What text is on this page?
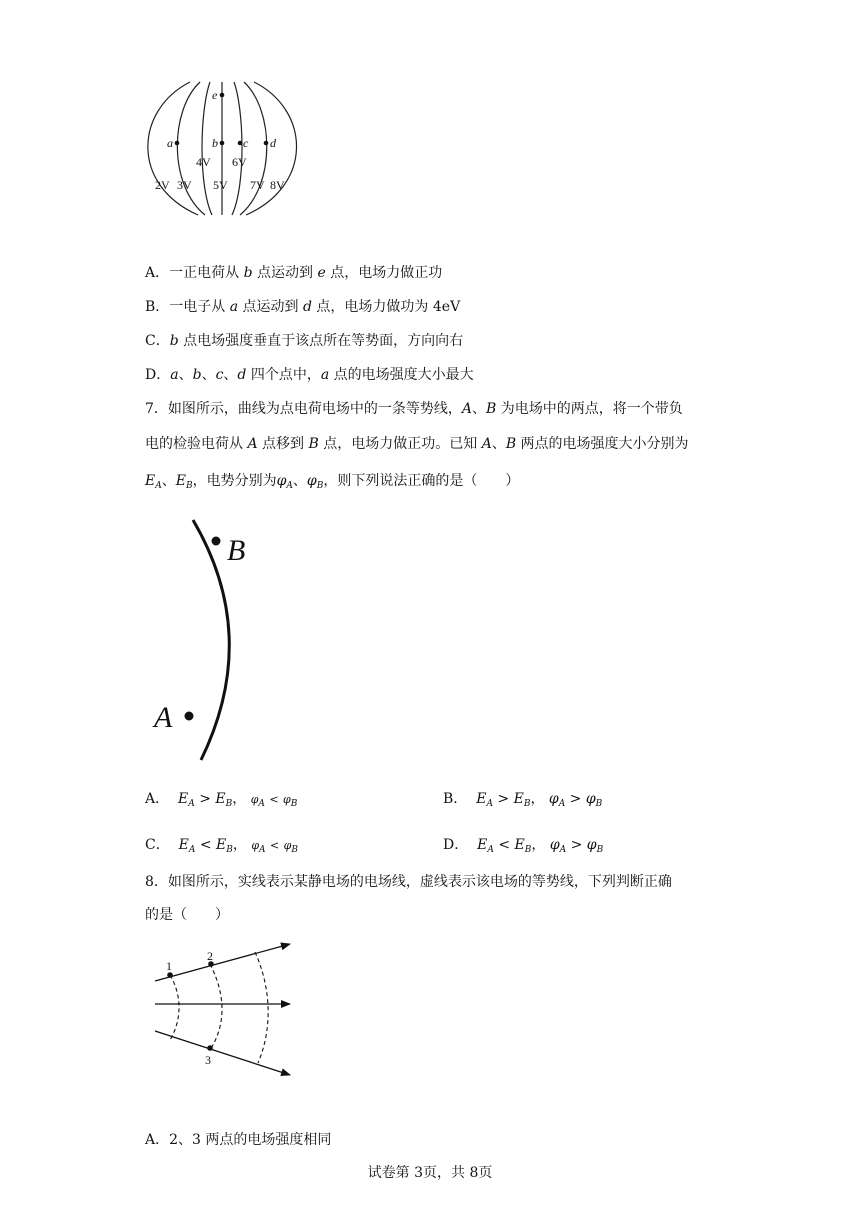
e
a	b c d
4V 6V
2V 3V 5V 7V 8V
A．一正电荷从 b 点运动到 e 点，电场力做正功
B．一电子从 a 点运动到 d 点，电场力做功为 4eV
C．b 点电场强度垂直于该点所在等势面，方向向右
D．a、b、c、d 四个点中，a 点的电场强度大小最大
7．如图所示，曲线为点电荷电场中的一条等势线，A、B 为电场中的两点，将一个带负
电的检验电荷从 A 点移到 B 点，电场力做正功。已知 A、B 两点的电场强度大小分别为
$E_A$、$E_B$，电势分别为$\varphi_A$、$\varphi_B$，则下列说法正确的是（　　）
B
A
A． $E_A > E_B$， $\varphi_A < \varphi_B$	B． $E_A > E_B$， $\varphi_A > \varphi_B$
C． $E_A < E_B$， $\varphi_A < \varphi_B$	D． $E_A < E_B$， $\varphi_A > \varphi_B$
8．如图所示，实线表示某静电场的电场线，虚线表示该电场的等势线，下列判断正确
的是（　　）
1
2
3
A．2、3 两点的电场强度相同
试卷第 3页，共 8页
